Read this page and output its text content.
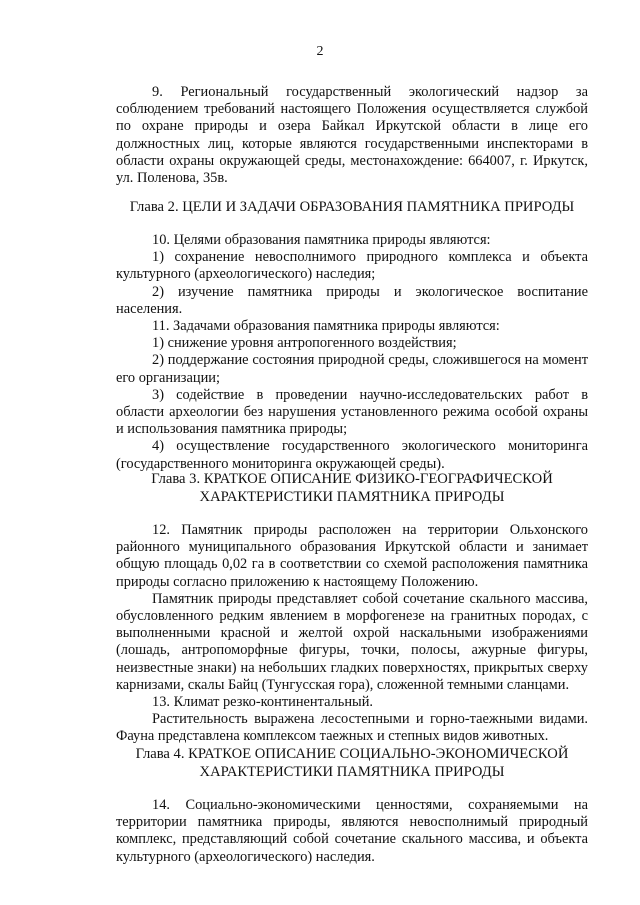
2

9. Региональный государственный экологический надзор за соблюдением требований настоящего Положения осуществляется службой по охране природы и озера Байкал Иркутской области в лице его должностных лиц, которые являются государственными инспекторами в области охраны окружающей среды, местонахождение: 664007, г. Иркутск, ул. Поленова, 35в.

Глава 2. ЦЕЛИ И ЗАДАЧИ ОБРАЗОВАНИЯ ПАМЯТНИКА ПРИРОДЫ

10. Целями образования памятника природы являются:

1) сохранение невосполнимого природного комплекса и объекта культурного (археологического) наследия;

2) изучение памятника природы и экологическое воспитание населения.

11. Задачами образования памятника природы являются:

1) снижение уровня антропогенного воздействия;

2) поддержание состояния природной среды, сложившегося на момент его организации;

3) содействие в проведении научно-исследовательских работ в области археологии без нарушения установленного режима особой охраны и использования памятника природы;

4) осуществление государственного экологического мониторинга (государственного мониторинга окружающей среды).

Глава 3. КРАТКОЕ ОПИСАНИЕ ФИЗИКО-ГЕОГРАФИЧЕСКОЙ

ХАРАКТЕРИСТИКИ ПАМЯТНИКА ПРИРОДЫ

12. Памятник природы расположен на территории Ольхонского районного муниципального образования Иркутской области и занимает общую площадь 0,02 га в соответствии со схемой расположения памятника природы согласно приложению к настоящему Положению.

Памятник природы представляет собой сочетание скального массива, обусловленного редким явлением в морфогенезе на гранитных породах, с выполненными красной и желтой охрой наскальными изображениями (лошадь, антропоморфные фигуры, точки, полосы, ажурные фигуры, неизвестные знаки) на небольших гладких поверхностях, прикрытых сверху карнизами, скалы Байц (Тунгусская гора), сложенной темными сланцами.

13. Климат резко-континентальный.

Растительность выражена лесостепными и горно-таежными видами. Фауна представлена комплексом таежных и степных видов животных.

Глава 4. КРАТКОЕ ОПИСАНИЕ СОЦИАЛЬНО-ЭКОНОМИЧЕСКОЙ

ХАРАКТЕРИСТИКИ ПАМЯТНИКА ПРИРОДЫ

14. Социально-экономическими ценностями, сохраняемыми на территории памятника природы, являются невосполнимый природный комплекс, представляющий собой сочетание скального массива, и объекта культурного (археологического) наследия.
